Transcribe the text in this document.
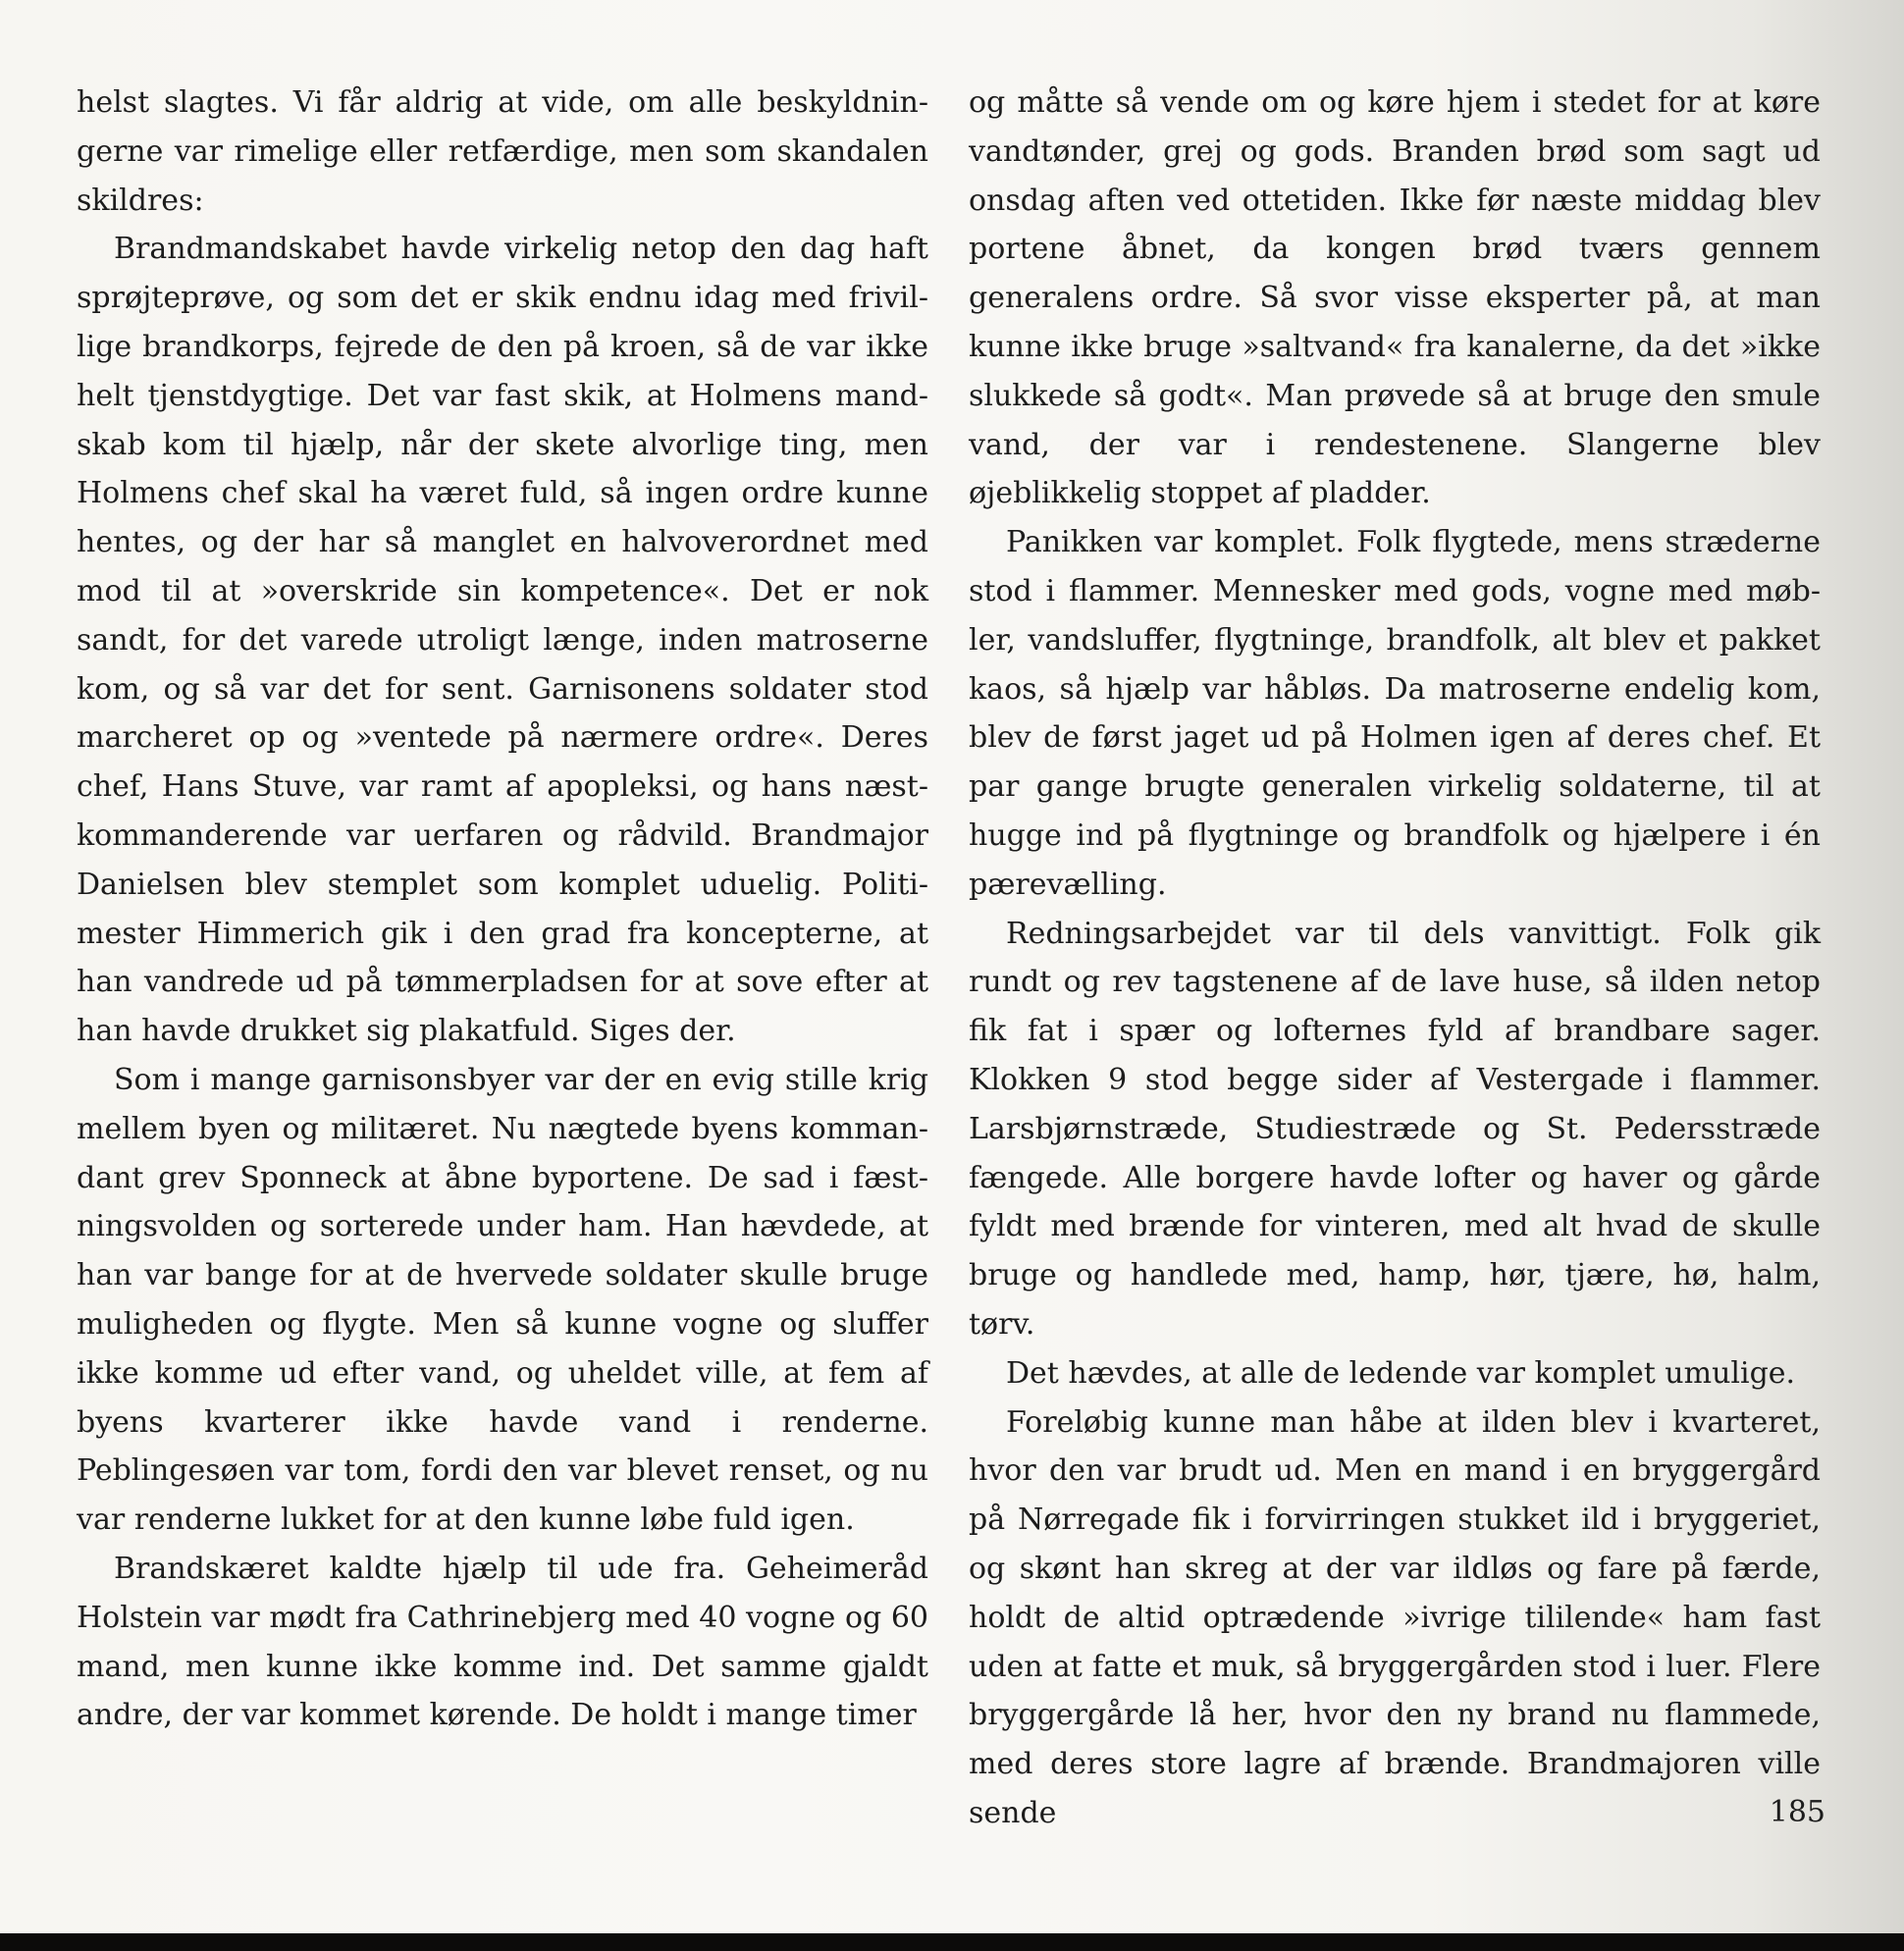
helst slagtes. Vi får aldrig at vide, om alle beskyldningerne var rimelige eller retfærdige, men som skandalen skildres:

Brandmandskabet havde virkelig netop den dag haft sprøjteprøve, og som det er skik endnu idag med frivillige brandkorps, fejrede de den på kroen, så de var ikke helt tjenstdygtige. Det var fast skik, at Holmens mandskab kom til hjælp, når der skete alvorlige ting, men Holmens chef skal ha været fuld, så ingen ordre kunne hentes, og der har så manglet en halvoverordnet med mod til at »overskride sin kompetence«. Det er nok sandt, for det varede utroligt længe, inden matroserne kom, og så var det for sent. Garnisonens soldater stod marcheret op og »ventede på nærmere ordre«. Deres chef, Hans Stuve, var ramt af apopleksi, og hans næstkommanderende var uerfaren og rådvild. Brandmajor Danielsen blev stemplet som komplet uduelig. Politimester Himmerich gik i den grad fra koncepterne, at han vandrede ud på tømmerpladsen for at sove efter at han havde drukket sig plakatfuld. Siges der.

Som i mange garnisonsbyer var der en evig stille krig mellem byen og militæret. Nu nægtede byens kommandant grev Sponneck at åbne byportene. De sad i fæstningsvolden og sorterede under ham. Han hævdede, at han var bange for at de hvervede soldater skulle bruge muligheden og flygte. Men så kunne vogne og sluffer ikke komme ud efter vand, og uheldet ville, at fem af byens kvarterer ikke havde vand i renderne. Peblingesøen var tom, fordi den var blevet renset, og nu var renderne lukket for at den kunne løbe fuld igen.

Brandskæret kaldte hjælp til ude fra. Geheimeråd Holstein var mødt fra Cathrinebjerg med 40 vogne og 60 mand, men kunne ikke komme ind. Det samme gjaldt andre, der var kommet kørende. De holdt i mange timer

og måtte så vende om og køre hjem i stedet for at køre vandtønder, grej og gods. Branden brød som sagt ud onsdag aften ved ottetiden. Ikke før næste middag blev portene åbnet, da kongen brød tværs gennem generalens ordre. Så svor visse eksperter på, at man kunne ikke bruge »saltvand« fra kanalerne, da det »ikke slukkede så godt«. Man prøvede så at bruge den smule vand, der var i rendestenene. Slangerne blev øjeblikkelig stoppet af pladder.

Panikken var komplet. Folk flygtede, mens stræderne stod i flammer. Mennesker med gods, vogne med møbler, vandsluffer, flygtninge, brandfolk, alt blev et pakket kaos, så hjælp var håbløs. Da matroserne endelig kom, blev de først jaget ud på Holmen igen af deres chef. Et par gange brugte generalen virkelig soldaterne, til at hugge ind på flygtninge og brandfolk og hjælpere i én pærevælling.

Redningsarbejdet var til dels vanvittigt. Folk gik rundt og rev tagstenene af de lave huse, så ilden netop fik fat i spær og lofternes fyld af brandbare sager. Klokken 9 stod begge sider af Vestergade i flammer. Larsbjørnstræde, Studiestræde og St. Pedersstræde fængede. Alle borgere havde lofter og haver og gårde fyldt med brænde for vinteren, med alt hvad de skulle bruge og handlede med, hamp, hør, tjære, hø, halm, tørv.

Det hævdes, at alle de ledende var komplet umulige.

Foreløbig kunne man håbe at ilden blev i kvarteret, hvor den var brudt ud. Men en mand i en bryggergård på Nørregade fik i forvirringen stukket ild i bryggeriet, og skønt han skreg at der var ildløs og fare på færde, holdt de altid optrædende »ivrige tililende« ham fast uden at fatte et muk, så bryggergården stod i luer. Flere bryggergårde lå her, hvor den ny brand nu flammede, med deres store lagre af brænde. Brandmajoren ville sende	185
